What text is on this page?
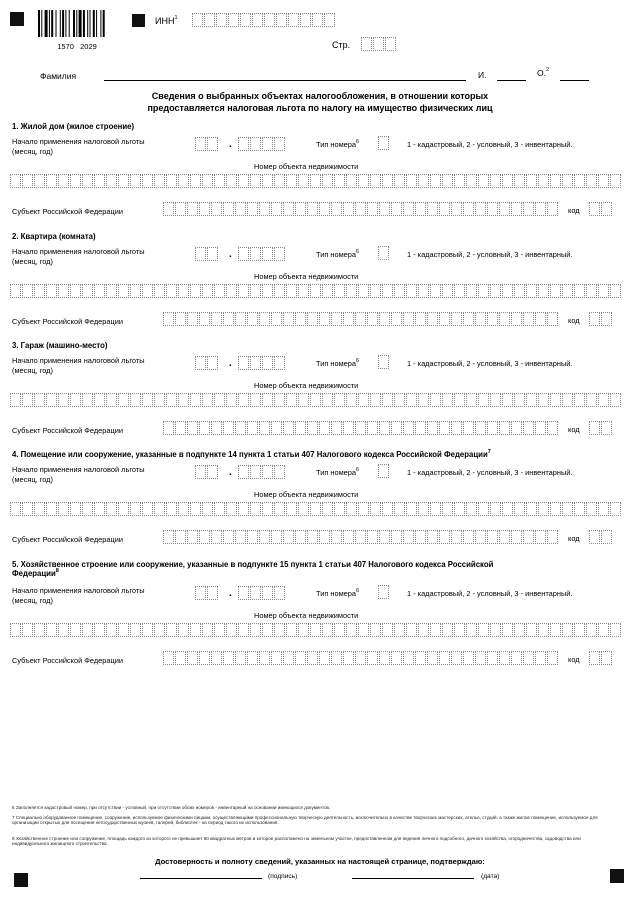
1570   2029
ИНН$^1$
Стр.
Фамилия	И.	О.$^2$
Сведения о выбранных объектах налогообложения, в отношении которых
предоставляется налоговая льгота по налогу на имущество физических лиц
1. Жилой дом (жилое строение)
Начало применения налоговой льготы
(месяц, год)
.	Тип номера$^6$	1 - кадастровый, 2 - условный, 3 - инвентарный.
Номер объекта недвижимости
Субъект Российской Федерации	код
2. Квартира (комната)
Начало применения налоговой льготы
(месяц, год)
.	Тип номера$^6$	1 - кадастровый, 2 - условный, 3 - инвентарный.
Номер объекта недвижимости
Субъект Российской Федерации	код
3. Гараж (машино-место)
Начало применения налоговой льготы
(месяц, год)
.	Тип номера$^6$	1 - кадастровый, 2 - условный, 3 - инвентарный.
Номер объекта недвижимости
Субъект Российской Федерации	код
4. Помещение или сооружение, указанные в подпункте 14 пункта 1 статьи 407 Налогового кодекса Российской Федерации$^7$
Начало применения налоговой льготы
(месяц, год)
.	Тип номера$^6$	1 - кадастровый, 2 - условный, 3 - инвентарный.
Номер объекта недвижимости
Субъект Российской Федерации	код
5. Хозяйственное строение или сооружение, указанные в подпункте 15 пункта 1 статьи 407 Налогового кодекса Российской
Федерации$^8$
Начало применения налоговой льготы
(месяц, год)
.	Тип номера$^6$	1 - кадастровый, 2 - условный, 3 - инвентарный.
Номер объекта недвижимости
Субъект Российской Федерации	код
6 Заполняется кадастровый номер, при отсутствии - условный, при отсутствии обоих номеров - инвентарный на основании имеющихся документов.
7 Специально оборудованное помещение, сооружение, используемое физическими лицами, осуществляющими профессиональную творческую деятельность, исключительно в качестве творческих мастерских, ателье, студий, а также жилое помещение, используемое для организации открытых для посещения негосударственных музеев, галерей, библиотек - на период такого их использования.
8 Хозяйственное строение или сооружение, площадь каждого из которого не превышает 50 квадратных метров и которое расположено на земельном участке, предоставленном для ведения личного подсобного, дачного хозяйства, огородничества, садоводства или индивидуального жилищного строительства.
Достоверность и полноту сведений, указанных на настоящей странице, подтверждаю:
(подпись)	(дата)
